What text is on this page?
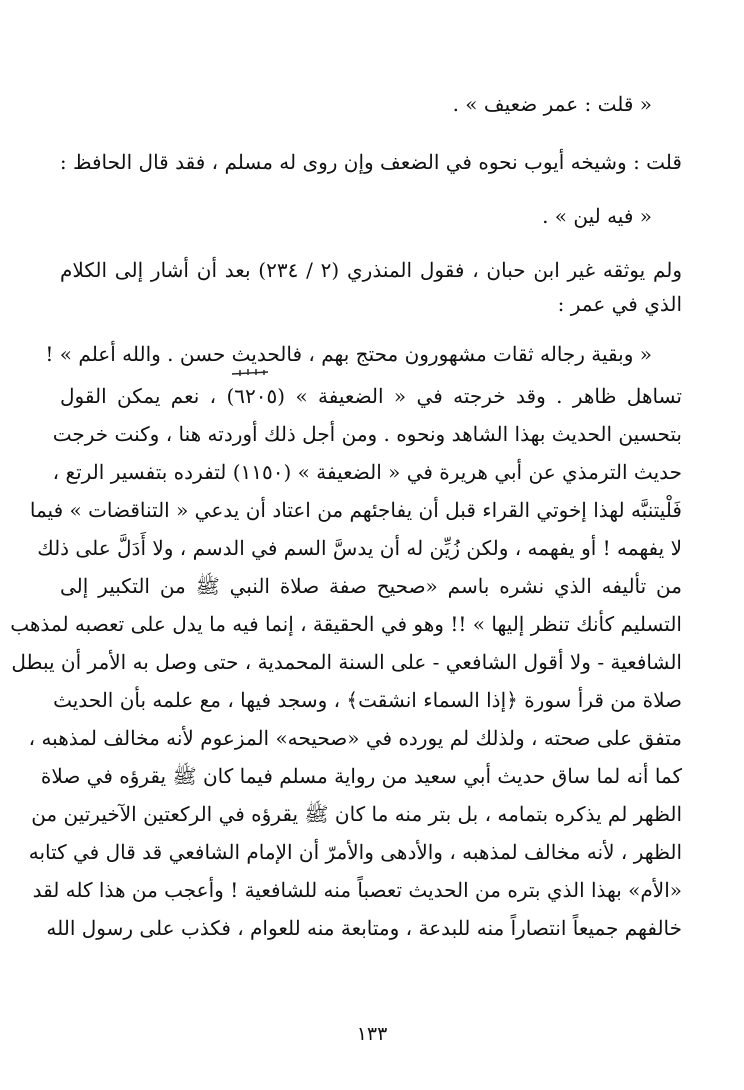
« قلت : عمر ضعيف » .
قلت : وشيخه أيوب نحوه في الضعف وإن روى له مسلم ، فقد قال الحافظ :
« فيه لين » .
ولم يوثقه غير ابن حبان ، فقول المنذري (٢ / ٢٣٤) بعد أن أشار إلى الكلام
الذي في عمر :
« وبقية رجاله ثقات مشهورون محتج بهم ، فالحديث حسن . والله أعلم » !
تساهل ظاهر . وقد خرجته في « الضعيفة » (٦٢٠٥) ، نعم يمكن القول
بتحسين الحديث بهذا الشاهد ونحوه . ومن أجل ذلك أوردته هنا ، وكنت خرجت
حديث الترمذي عن أبي هريرة في « الضعيفة » (١١٥٠) لتفرده بتفسير الرتع ،
فَلْيتنبَّه لهذا إخوتي القراء قبل أن يفاجئهم من اعتاد أن يدعي « التناقضات » فيما
لا يفهمه ! أو يفهمه ، ولكن زُيِّن له أن يدسَّ السم في الدسم ، ولا أَدَلَّ على ذلك
من تأليفه الذي نشره باسم «صحيح صفة صلاة النبي ﷺ من التكبير إلى
التسليم كأنك تنظر إليها » !! وهو في الحقيقة ، إنما فيه ما يدل على تعصبه لمذهب
الشافعية - ولا أقول الشافعي - على السنة المحمدية ، حتى وصل به الأمر أن يبطل
صلاة من قرأ سورة ﴿إذا السماء انشقت﴾ ، وسجد فيها ، مع علمه بأن الحديث
متفق على صحته ، ولذلك لم يورده في «صحيحه» المزعوم لأنه مخالف لمذهبه ،
كما أنه لما ساق حديث أبي سعيد من رواية مسلم فيما كان ﷺ يقرؤه في صلاة
الظهر لم يذكره بتمامه ، بل بتر منه ما كان ﷺ يقرؤه في الركعتين الآخيرتين من
الظهر ، لأنه مخالف لمذهبه ، والأدهى والأمرّ أن الإمام الشافعي قد قال في كتابه
«الأم» بهذا الذي بتره من الحديث تعصباً منه للشافعية ! وأعجب من هذا كله لقد
خالفهم جميعاً انتصاراً منه للبدعة ، ومتابعة منه للعوام ، فكذب على رسول الله
١٣٣
